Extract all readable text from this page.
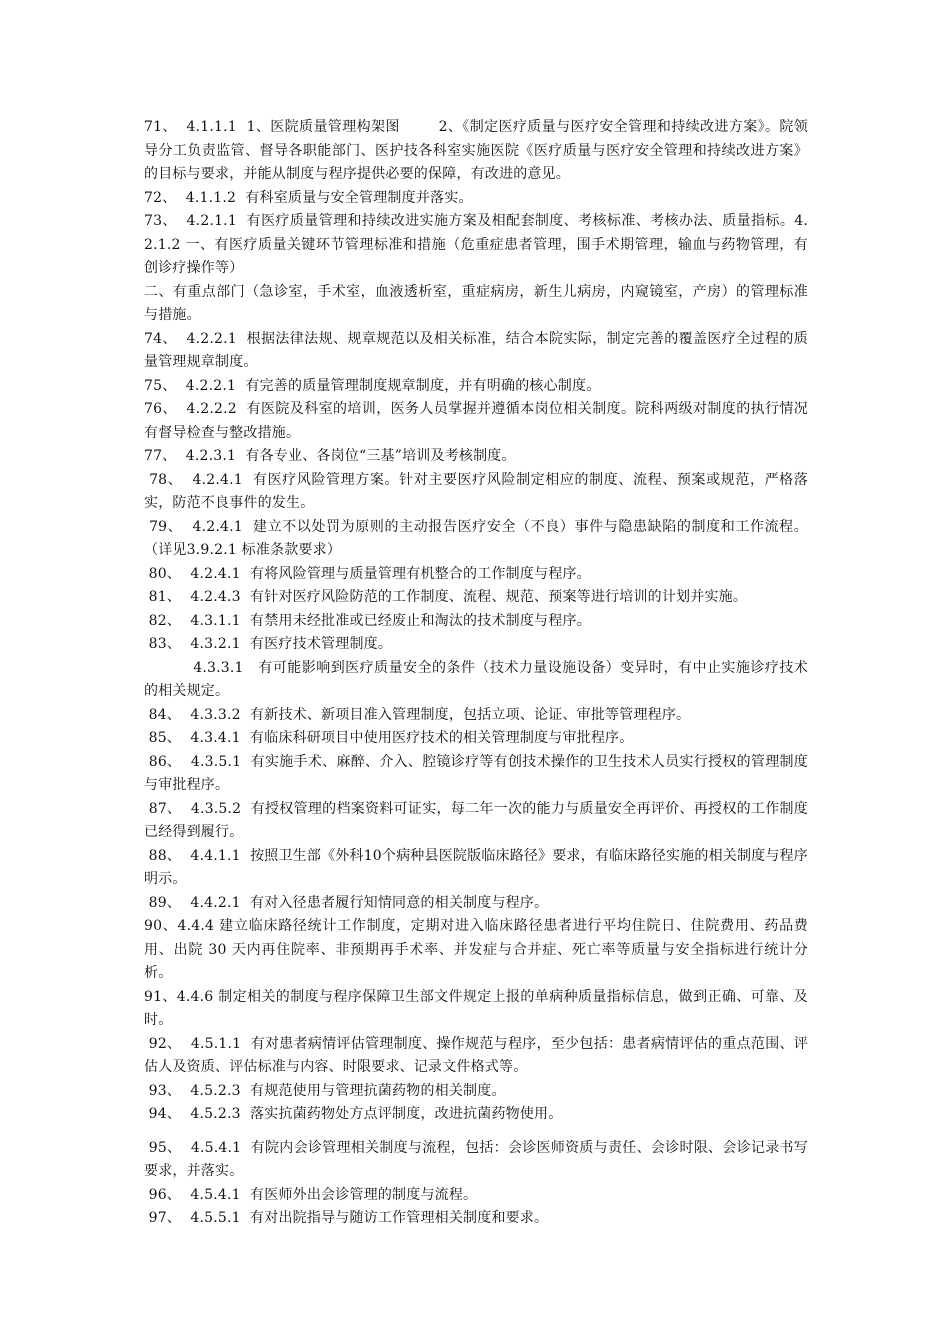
71、  4.1.1.1  1、医院质量管理构架图        2、《制定医疗质量与医疗安全管理和持续改进方案》。院领导分工负责监管、督导各职能部门、医护技各科室实施医院《医疗质量与医疗安全管理和持续改进方案》的目标与要求，并能从制度与程序提供必要的保障，有改进的意见。

72、  4.1.1.2  有科室质量与安全管理制度并落实。

73、  4.2.1.1  有医疗质量管理和持续改进实施方案及相配套制度、考核标准、考核办法、质量指标。4.2.1.2 一、有医疗质量关键环节管理标准和措施（危重症患者管理，围手术期管理，输血与药物管理，有创诊疗操作等）

二、有重点部门（急诊室，手术室，血液透析室，重症病房，新生儿病房，内窥镜室，产房）的管理标准与措施。

74、  4.2.2.1  根据法律法规、规章规范以及相关标准，结合本院实际，制定完善的覆盖医疗全过程的质量管理规章制度。

75、  4.2.2.1  有完善的质量管理制度规章制度，并有明确的核心制度。

76、  4.2.2.2  有医院及科室的培训，医务人员掌握并遵循本岗位相关制度。院科两级对制度的执行情况有督导检查与整改措施。

77、  4.2.3.1  有各专业、各岗位“三基”培训及考核制度。

78、  4.2.4.1  有医疗风险管理方案。针对主要医疗风险制定相应的制度、流程、预案或规范，严格落实，防范不良事件的发生。

79、  4.2.4.1  建立不以处罚为原则的主动报告医疗安全（不良）事件与隐患缺陷的制度和工作流程。（详见3.9.2.1 标准条款要求）

80、  4.2.4.1  有将风险管理与质量管理有机整合的工作制度与程序。

81、  4.2.4.3  有针对医疗风险防范的工作制度、流程、规范、预案等进行培训的计划并实施。

82、  4.3.1.1  有禁用未经批准或已经废止和淘汰的技术制度与程序。

83、  4.3.2.1  有医疗技术管理制度。

4.3.3.1   有可能影响到医疗质量安全的条件（技术力量设施设备）变异时，有中止实施诊疗技术的相关规定。

84、  4.3.3.2  有新技术、新项目准入管理制度，包括立项、论证、审批等管理程序。

85、  4.3.4.1  有临床科研项目中使用医疗技术的相关管理制度与审批程序。

86、  4.3.5.1  有实施手术、麻醉、介入、腔镜诊疗等有创技术操作的卫生技术人员实行授权的管理制度与审批程序。

87、  4.3.5.2  有授权管理的档案资料可证实，每二年一次的能力与质量安全再评价、再授权的工作制度已经得到履行。

88、  4.4.1.1  按照卫生部《外科10个病种县医院版临床路径》要求，有临床路径实施的相关制度与程序明示。

89、  4.4.2.1  有对入径患者履行知情同意的相关制度与程序。

90、4.4.4 建立临床路径统计工作制度，定期对进入临床路径患者进行平均住院日、住院费用、药品费用、出院 30 天内再住院率、非预期再手术率、并发症与合并症、死亡率等质量与安全指标进行统计分析。

91、4.4.6 制定相关的制度与程序保障卫生部文件规定上报的单病种质量指标信息，做到正确、可靠、及时。

92、  4.5.1.1  有对患者病情评估管理制度、操作规范与程序，至少包括：患者病情评估的重点范围、评估人及资质、评估标准与内容、时限要求、记录文件格式等。

93、  4.5.2.3  有规范使用与管理抗菌药物的相关制度。

94、  4.5.2.3  落实抗菌药物处方点评制度，改进抗菌药物使用。

95、  4.5.4.1  有院内会诊管理相关制度与流程，包括：会诊医师资质与责任、会诊时限、会诊记录书写要求，并落实。

96、  4.5.4.1  有医师外出会诊管理的制度与流程。

97、  4.5.5.1  有对出院指导与随访工作管理相关制度和要求。
